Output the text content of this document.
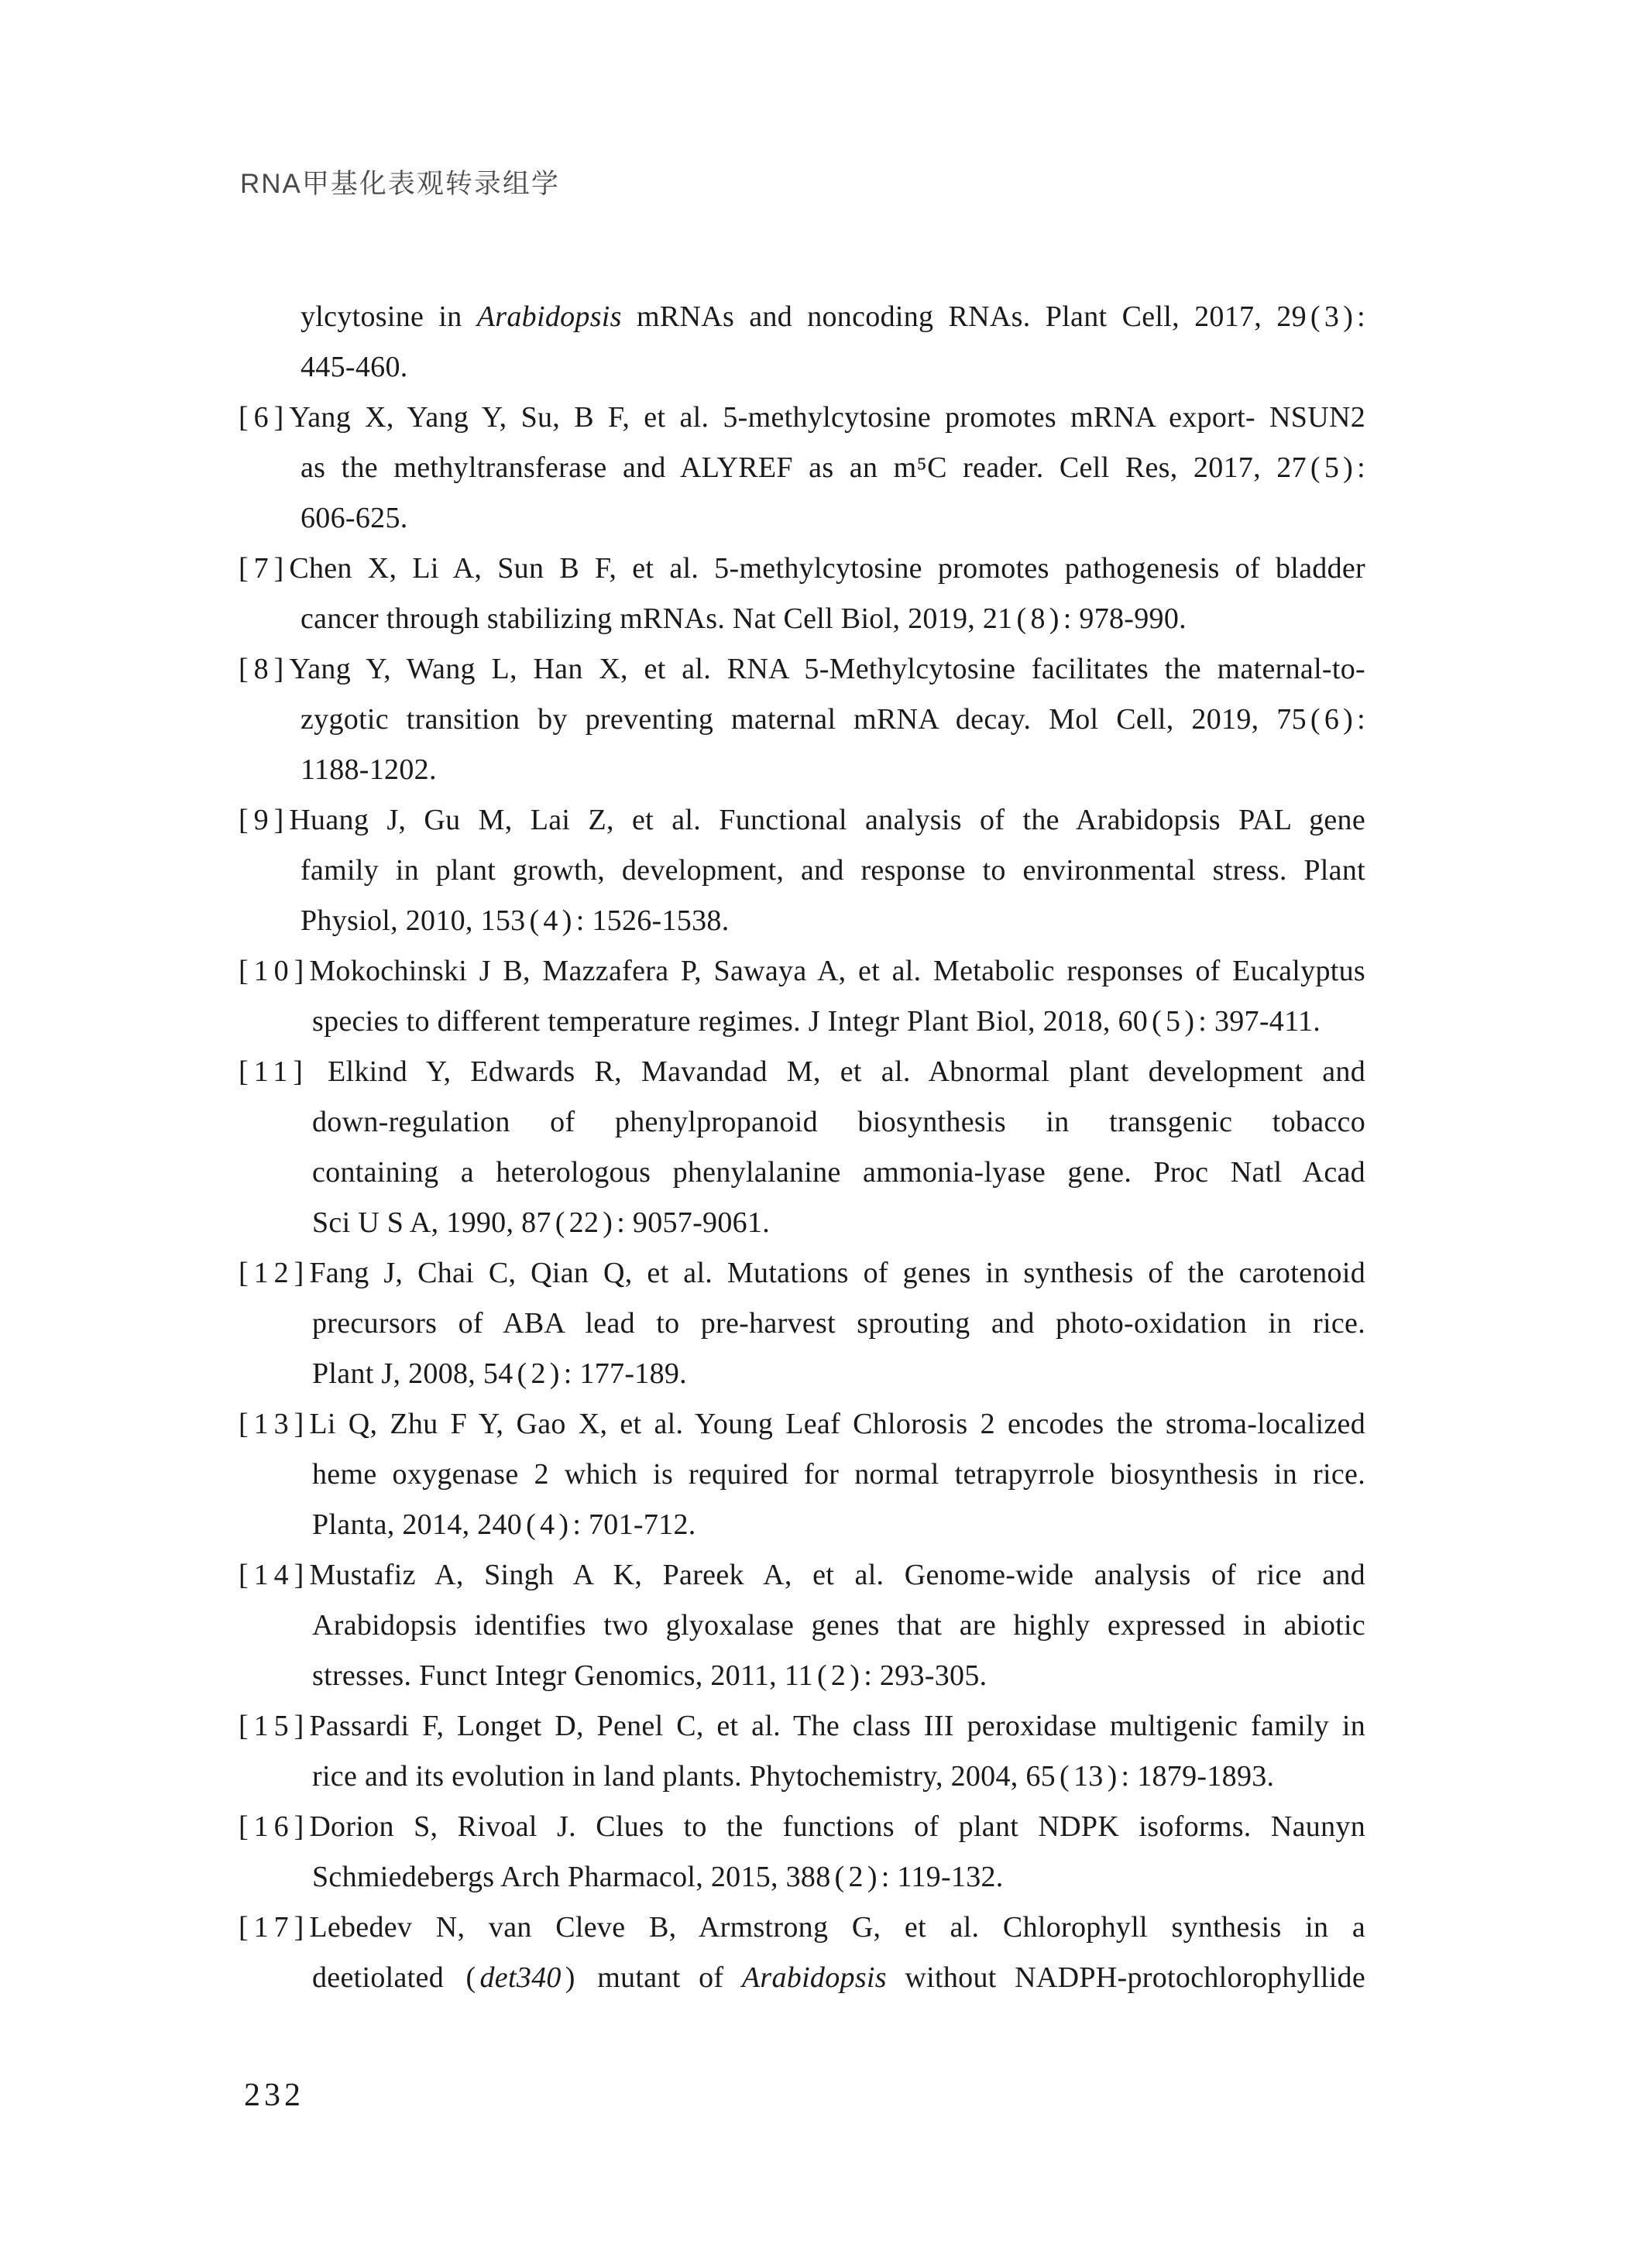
RNA甲基化表观转录组学
ylcytosine in Arabidopsis mRNAs and noncoding RNAs. Plant Cell, 2017, 29 ( 3 ) :
445-460.
[6]Yang X, Yang Y, Su, B F, et al. 5-methylcytosine promotes mRNA export- NSUN2
as the methyltransferase and ALYREF as an m⁵C reader. Cell Res, 2017, 27 ( 5 ) :
606-625.
[7]Chen X, Li A, Sun B F, et al. 5-methylcytosine promotes pathogenesis of bladder
cancer through stabilizing mRNAs. Nat Cell Biol, 2019, 21 ( 8 ) : 978-990.
[8]Yang Y, Wang L, Han X, et al. RNA 5-Methylcytosine facilitates the maternal-to-
zygotic transition by preventing maternal mRNA decay. Mol Cell, 2019, 75 ( 6 ) :
1188-1202.
[9]Huang J, Gu M, Lai Z, et al. Functional analysis of the Arabidopsis PAL gene
family in plant growth, development, and response to environmental stress. Plant
Physiol, 2010, 153 ( 4 ) : 1526-1538.
[10]Mokochinski J B, Mazzafera P, Sawaya A, et al. Metabolic responses of Eucalyptus
species to different temperature regimes. J Integr Plant Biol, 2018, 60 ( 5 ) : 397-411.
[11] Elkind Y, Edwards R, Mavandad M, et al. Abnormal plant development and
down-regulation of phenylpropanoid biosynthesis in transgenic tobacco
containing a heterologous phenylalanine ammonia-lyase gene. Proc Natl Acad
Sci U S A, 1990, 87 ( 22 ) : 9057-9061.
[12]Fang J, Chai C, Qian Q, et al. Mutations of genes in synthesis of the carotenoid
precursors of ABA lead to pre-harvest sprouting and photo-oxidation in rice.
Plant J, 2008, 54 ( 2 ) : 177-189.
[13]Li Q, Zhu F Y, Gao X, et al. Young Leaf Chlorosis 2 encodes the stroma-localized
heme oxygenase 2 which is required for normal tetrapyrrole biosynthesis in rice.
Planta, 2014, 240 ( 4 ) : 701-712.
[14]Mustafiz A, Singh A K, Pareek A, et al. Genome-wide analysis of rice and
Arabidopsis identifies two glyoxalase genes that are highly expressed in abiotic
stresses. Funct Integr Genomics, 2011, 11 ( 2 ) : 293-305.
[15]Passardi F, Longet D, Penel C, et al. The class III peroxidase multigenic family in
rice and its evolution in land plants. Phytochemistry, 2004, 65 ( 13 ) : 1879-1893.
[16]Dorion S, Rivoal J. Clues to the functions of plant NDPK isoforms. Naunyn
Schmiedebergs Arch Pharmacol, 2015, 388 ( 2 ) : 119-132.
[17]Lebedev N, van Cleve B, Armstrong G, et al. Chlorophyll synthesis in a
deetiolated ( det340 ) mutant of Arabidopsis without NADPH-protochlorophyllide
232
